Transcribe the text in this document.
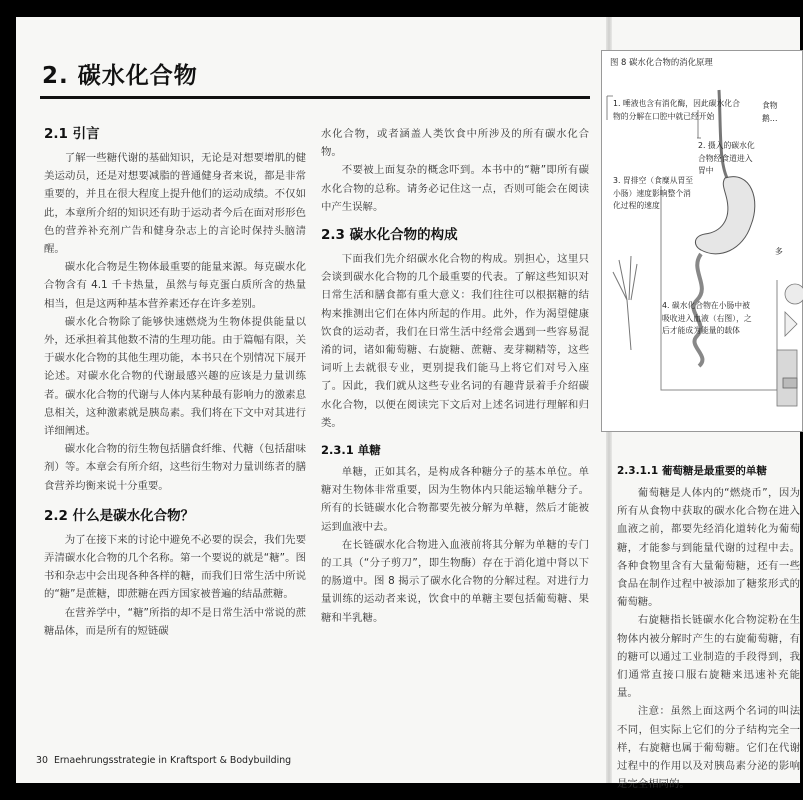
2. 碳水化合物
2.1 引言

了解一些糖代谢的基础知识，无论是对想要增肌的健美运动员，还是对想要减脂的普通健身者来说，都是非常重要的，并且在很大程度上提升他们的运动成绩。不仅如此，本章所介绍的知识还有助于运动者今后在面对形形色色的营养补充剂广告和健身杂志上的言论时保持头脑清醒。

碳水化合物是生物体最重要的能量来源。每克碳水化合物含有 4.1 千卡热量，虽然与每克蛋白质所含的热量相当，但是这两种基本营养素还存在许多差别。

碳水化合物除了能够快速燃烧为生物体提供能量以外，还承担着其他数不清的生理功能。由于篇幅有限，关于碳水化合物的其他生理功能，本书只在个别情况下展开论述。对碳水化合物的代谢最感兴趣的应该是力量训练者。碳水化合物的代谢与人体内某种最有影响力的激素息息相关，这种激素就是胰岛素。我们将在下文中对其进行详细阐述。

碳水化合物的衍生物包括膳食纤维、代糖（包括甜味剂）等。本章会有所介绍，这些衍生物对力量训练者的膳食营养均衡来说十分重要。

2.2 什么是碳水化合物？

为了在接下来的讨论中避免不必要的误会，我们先要弄清碳水化合物的几个名称。第一个要说的就是“糖”。图书和杂志中会出现各种各样的糖，而我们日常生活中所说的“糖”是蔗糖，即蔗糖在西方国家被普遍的结晶蔗糖。

在营养学中，“糖”所指的却不是日常生活中常说的蔗糖晶体，而是所有的短链碳

水化合物，或者涵盖人类饮食中所涉及的所有碳水化合物。

不要被上面复杂的概念吓到。本书中的“糖”即所有碳水化合物的总称。请务必记住这一点，否则可能会在阅读中产生误解。

2.3 碳水化合物的构成

下面我们先介绍碳水化合物的构成。别担心，这里只会谈到碳水化合物的几个最重要的代表。了解这些知识对日常生活和膳食都有重大意义：我们往往可以根据糖的结构来推测出它们在体内所起的作用。此外，作为渴望健康饮食的运动者，我们在日常生活中经常会遇到一些容易混淆的词，诸如葡萄糖、右旋糖、蔗糖、麦芽糊精等，这些词听上去就很专业，更别提我们能马上将它们对号入座了。因此，我们就从这些专业名词的有趣背景着手介绍碳水化合物，以便在阅读完下文后对上述名词进行理解和归类。

2.3.1 单糖

单糖，正如其名，是构成各种糖分子的基本单位。单糖对生物体非常重要，因为生物体内只能运输单糖分子。所有的长链碳水化合物都要先被分解为单糖，然后才能被运到血液中去。

在长链碳水化合物进入血液前将其分解为单糖的专门的工具（“分子剪刀”，即生物酶）存在于消化道中肾以下的肠道中。图 8 揭示了碳水化合物的分解过程。对进行力量训练的运动者来说，饮食中的单糖主要包括葡萄糖、果糖和半乳糖。

2.3.1.1 葡萄糖是最重要的单糖

葡萄糖是人体内的“燃烧币”，因为所有从食物中获取的碳水化合物在进入血液之前，都要先经消化道转化为葡萄糖，才能参与到能量代谢的过程中去。各种食物里含有大量葡萄糖，还有一些食品在制作过程中被添加了糖浆形式的葡萄糖。

右旋糖指长链碳水化合物淀粉在生物体内被分解时产生的右旋葡萄糖，有的糖可以通过工业制造的手段得到，我们通常直接口服右旋糖来迅速补充能量。

注意：虽然上面这两个名词的叫法不同，但实际上它们的分子结构完全一样，右旋糖也属于葡萄糖。它们在代谢过程中的作用以及对胰岛素分泌的影响是完全相同的。

30 Ernaehrungsstrategie in Kraftsport & Bodybuilding
图 8 碳水化合物的消化原理
1. 唾液也含有消化酶，因此碳水化合物的分解在口腔中就已经开始
2. 摄入的碳水化合物经食道进入胃中
3. 胃排空（食糜从胃至小肠）速度影响整个消化过程的速度
4. 碳水化合物在小肠中被吸收进入血液（右图），之后才能成为能量的载体
食物鹅…
多
